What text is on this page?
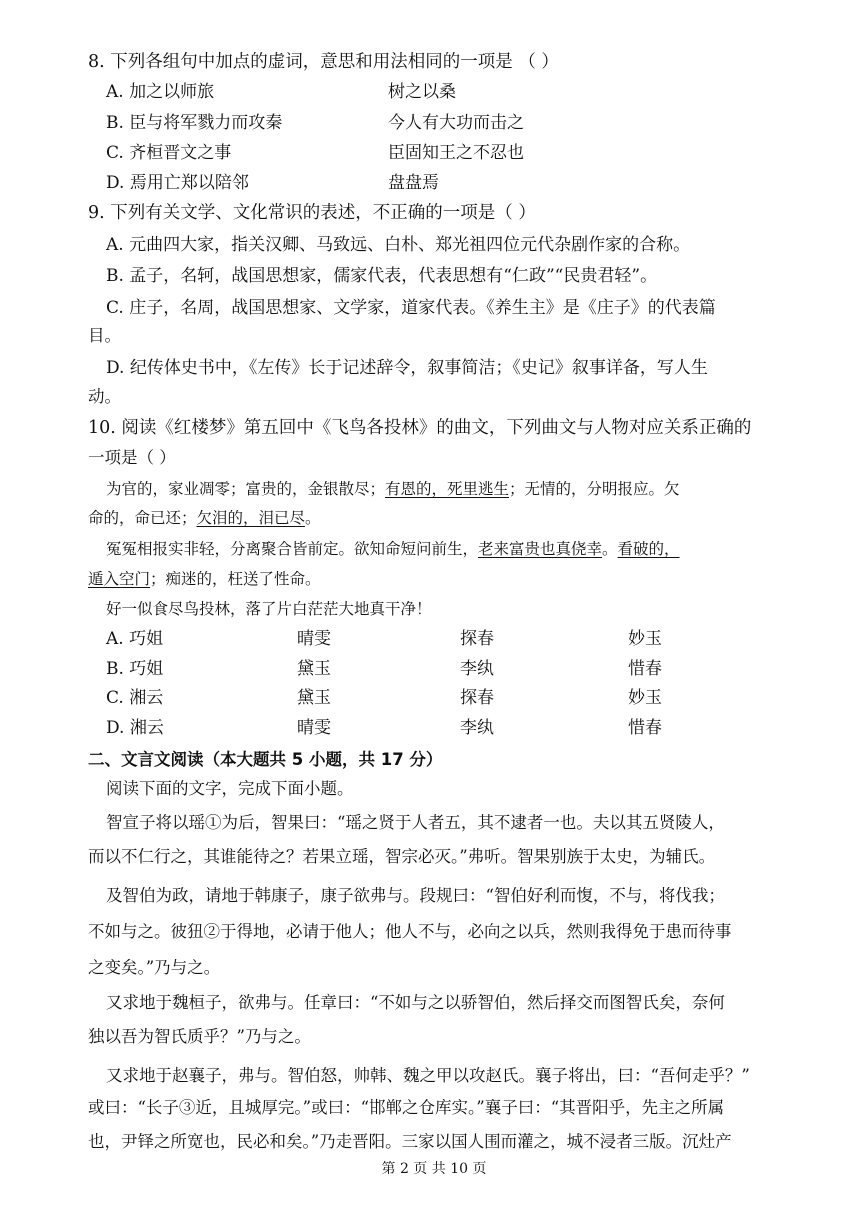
8. 下列各组句中加点的虚词，意思和用法相同的一项是 （ ）
A. 加之以师旅	树之以桑
B. 臣与将军戮力而攻秦	今人有大功而击之
C. 齐桓晋文之事	臣固知王之不忍也
D. 焉用亡郑以陪邻	盘盘焉
9. 下列有关文学、文化常识的表述，不正确的一项是（ ）
A. 元曲四大家，指关汉卿、马致远、白朴、郑光祖四位元代杂剧作家的合称。
B. 孟子，名轲，战国思想家，儒家代表，代表思想有“仁政”“民贵君轻”。
C. 庄子，名周，战国思想家、文学家，道家代表。《养生主》是《庄子》的代表篇
目。
D. 纪传体史书中，《左传》长于记述辞令，叙事简洁；《史记》叙事详备，写人生
动。
10. 阅读《红楼梦》第五回中《飞鸟各投林》的曲文，下列曲文与人物对应关系正确的
一项是（ ）
为官的，家业凋零；富贵的，金银散尽；有恩的，死里逃生；无情的，分明报应。欠
命的，命已还；欠泪的，泪已尽。
冤冤相报实非轻，分离聚合皆前定。欲知命短问前生，老来富贵也真侥幸。看破的，
遁入空门；痴迷的，枉送了性命。
好一似食尽鸟投林，落了片白茫茫大地真干净！
A. 巧姐	晴雯	探春	妙玉
B. 巧姐	黛玉	李纨	惜春
C. 湘云	黛玉	探春	妙玉
D. 湘云	晴雯	李纨	惜春
二、文言文阅读（本大题共 5 小题，共 17 分）
阅读下面的文字，完成下面小题。
智宣子将以瑶①为后，智果曰：“瑶之贤于人者五，其不逮者一也。夫以其五贤陵人，
而以不仁行之，其谁能待之？若果立瑶，智宗必灭。”弗听。智果别族于太史，为辅氏。
及智伯为政，请地于韩康子，康子欲弗与。段规曰：“智伯好利而愎，不与，将伐我；
不如与之。彼狃②于得地，必请于他人；他人不与，必向之以兵，然则我得免于患而待事
之变矣。”乃与之。
又求地于魏桓子，欲弗与。任章曰：“不如与之以骄智伯，然后择交而图智氏矣，奈何
独以吾为智氏质乎？”乃与之。
又求地于赵襄子，弗与。智伯怒，帅韩、魏之甲以攻赵氏。襄子将出，曰：“吾何走乎？”
或曰：“长子③近，且城厚完。”或曰：“邯郸之仓库实。”襄子曰：“其晋阳乎，先主之所属
也，尹铎之所宽也，民必和矣。”乃走晋阳。三家以国人围而灌之，城不浸者三版。沉灶产
第 2 页 共 10 页
